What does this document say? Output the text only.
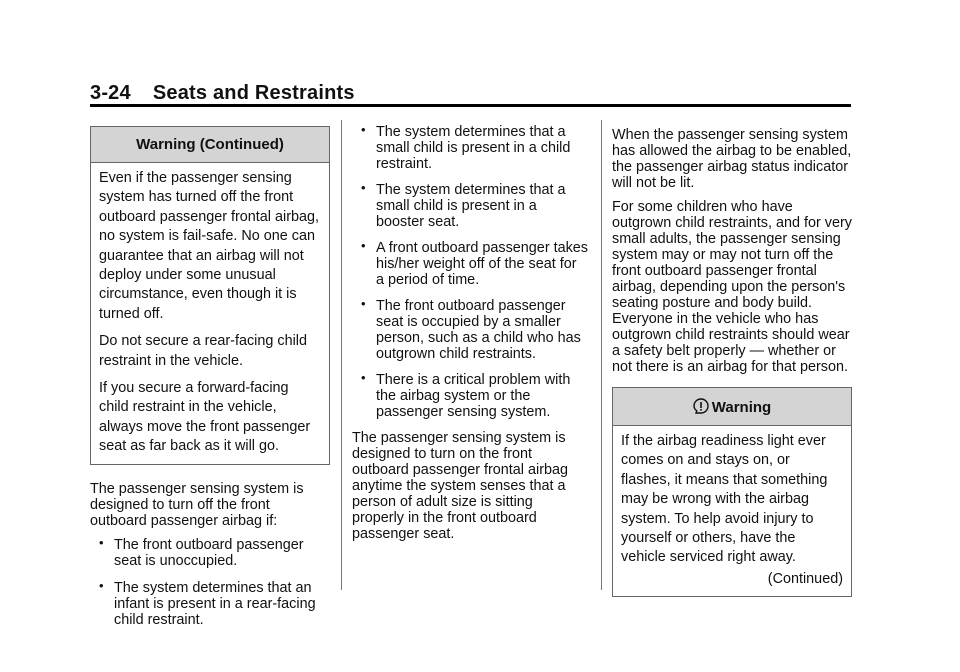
3-24 Seats and Restraints
Warning (Continued)

Even if the passenger sensing system has turned off the front outboard passenger frontal airbag, no system is fail-safe. No one can guarantee that an airbag will not deploy under some unusual circumstance, even though it is turned off.

Do not secure a rear-facing child restraint in the vehicle.

If you secure a forward-facing child restraint in the vehicle, always move the front passenger seat as far back as it will go.

The passenger sensing system is designed to turn off the front outboard passenger airbag if:

• The front outboard passenger seat is unoccupied.
• The system determines that an infant is present in a rear-facing child restraint.
• The system determines that a small child is present in a child restraint.
• The system determines that a small child is present in a booster seat.
• A front outboard passenger takes his/her weight off of the seat for a period of time.
• The front outboard passenger seat is occupied by a smaller person, such as a child who has outgrown child restraints.
• There is a critical problem with the airbag system or the passenger sensing system.

The passenger sensing system is designed to turn on the front outboard passenger frontal airbag anytime the system senses that a person of adult size is sitting properly in the front outboard passenger seat.

When the passenger sensing system has allowed the airbag to be enabled, the passenger airbag status indicator will not be lit.

For some children who have outgrown child restraints, and for very small adults, the passenger sensing system may or may not turn off the front outboard passenger frontal airbag, depending upon the person's seating posture and body build. Everyone in the vehicle who has outgrown child restraints should wear a safety belt properly — whether or not there is an airbag for that person.

Warning
If the airbag readiness light ever comes on and stays on, or flashes, it means that something may be wrong with the airbag system. To help avoid injury to yourself or others, have the vehicle serviced right away.
(Continued)
